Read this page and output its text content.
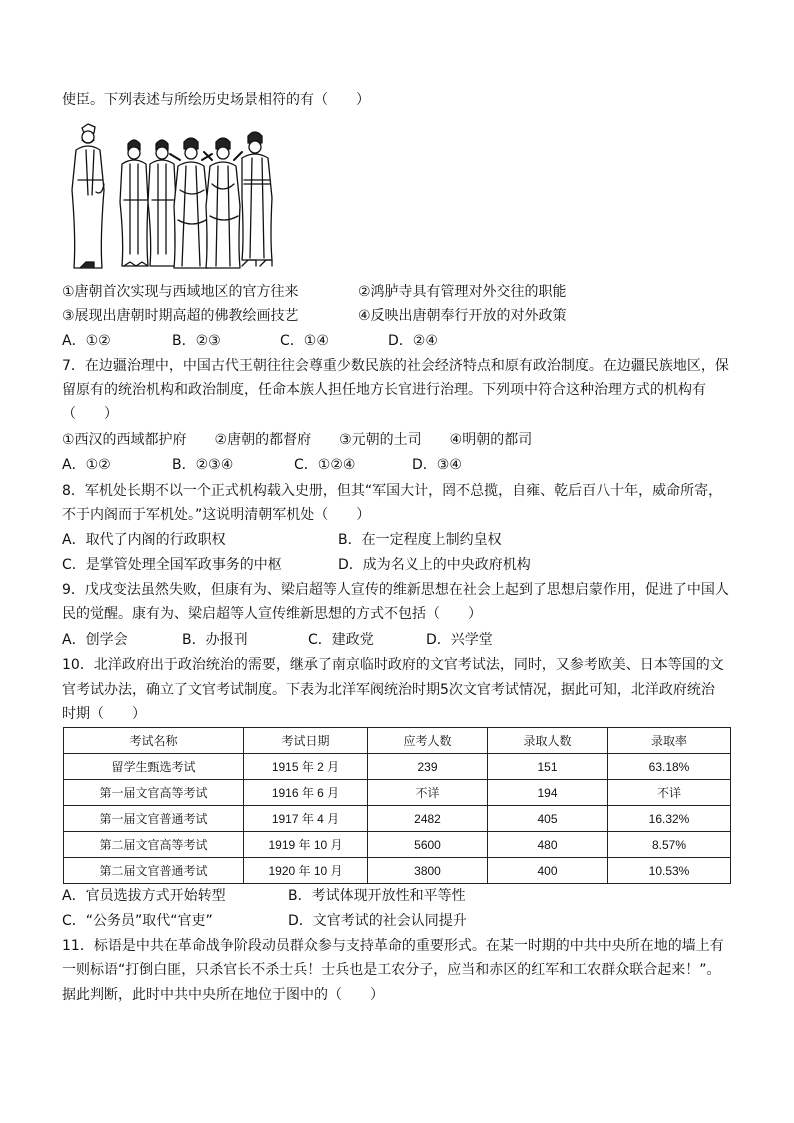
使臣。下列表述与所绘历史场景相符的有（　　）
①唐朝首次实现与西域地区的官方往来	②鸿胪寺具有管理对外交往的职能
③展现出唐朝时期高超的佛教绘画技艺	④反映出唐朝奉行开放的对外政策
A．①②	B．②③	C．①④	D．②④
7．在边疆治理中，中国古代王朝往往会尊重少数民族的社会经济特点和原有政治制度。在边疆民族地区，保
留原有的统治机构和政治制度，任命本族人担任地方长官进行治理。下列项中符合这种治理方式的机构有
（　　）
①西汉的西域都护府　　②唐朝的都督府　　③元朝的土司　　④明朝的都司
A．①②	B．②③④	C．①②④	D．③④
8．军机处长期不以一个正式机构载入史册，但其“军国大计，罔不总揽，自雍、乾后百八十年，威命所寄，
不于内阁而于军机处。”这说明清朝军机处（　　）
A．取代了内阁的行政职权	B．在一定程度上制约皇权
C．是掌管处理全国军政事务的中枢	D．成为名义上的中央政府机构
9．戊戌变法虽然失败，但康有为、梁启超等人宣传的维新思想在社会上起到了思想启蒙作用，促进了中国人
民的觉醒。康有为、梁启超等人宣传维新思想的方式不包括（　　）
A．创学会	B．办报刊	C．建政党	D．兴学堂
10．北洋政府出于政治统治的需要，继承了南京临时政府的文官考试法，同时，又参考欧美、日本等国的文
官考试办法，确立了文官考试制度。下表为北洋军阀统治时期5次文官考试情况，据此可知，北洋政府统治
时期（　　）
考试名称	考试日期	应考人数	录取人数	录取率
留学生甄选考试	1915 年 2 月	239	151	63.18%
第一届文官高等考试	1916 年 6 月	不详	194	不详
第一届文官普通考试	1917 年 4 月	2482	405	16.32%
第二届文官高等考试	1919 年 10 月	5600	480	8.57%
第二届文官普通考试	1920 年 10 月	3800	400	10.53%
A．官员选拔方式开始转型	B．考试体现开放性和平等性
C．“公务员”取代“官吏”	D．文官考试的社会认同提升
11．标语是中共在革命战争阶段动员群众参与支持革命的重要形式。在某一时期的中共中央所在地的墙上有
一则标语“打倒白匪，只杀官长不杀士兵！士兵也是工农分子，应当和赤区的红军和工农群众联合起来！”。
据此判断，此时中共中央所在地位于图中的（　　）
